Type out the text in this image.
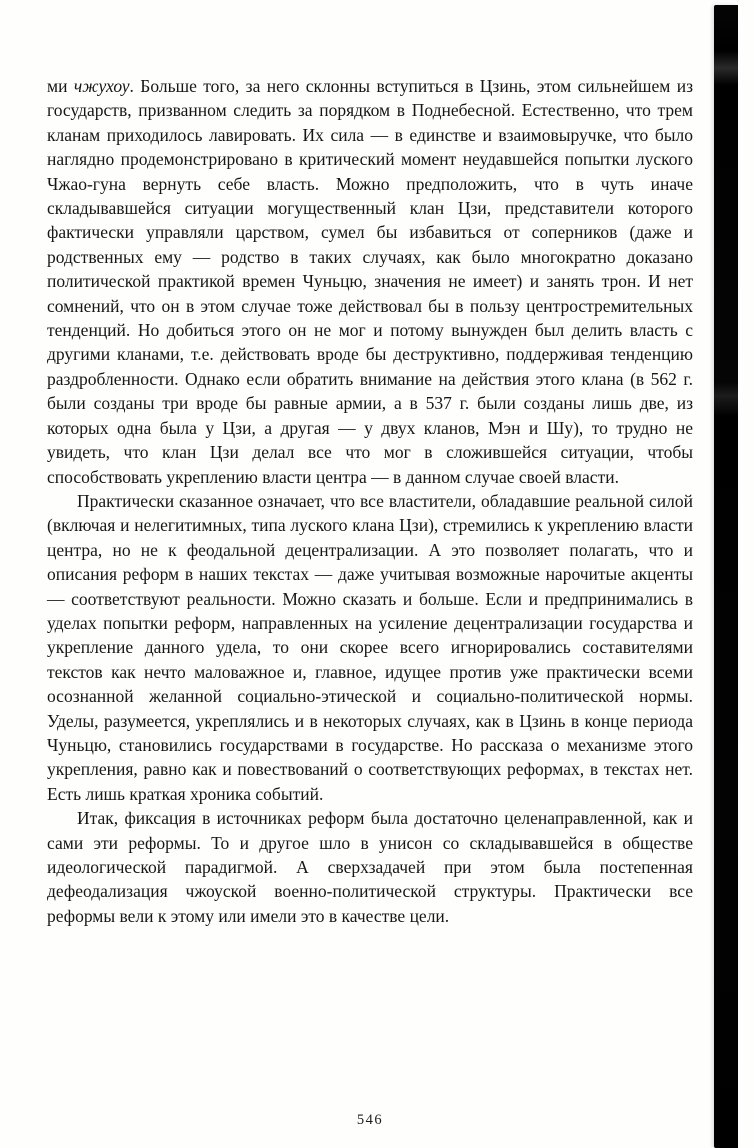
ми чжухоу. Больше того, за него склонны вступиться в Цзинь, этом сильнейшем из государств, призванном следить за порядком в Поднебесной. Естественно, что трем кланам приходилось лавировать. Их сила — в единстве и взаимовыручке, что было наглядно продемонстрировано в критический момент неудавшейся попытки луского Чжао-гуна вернуть себе власть. Можно предположить, что в чуть иначе складывавшейся ситуации могущественный клан Цзи, представители которого фактически управляли царством, сумел бы избавиться от соперников (даже и родственных ему — родство в таких случаях, как было многократно доказано политической практикой времен Чуньцю, значения не имеет) и занять трон. И нет сомнений, что он в этом случае тоже действовал бы в пользу центростремительных тенденций. Но добиться этого он не мог и потому вынужден был делить власть с другими кланами, т.е. действовать вроде бы деструктивно, поддерживая тенденцию раздробленности. Однако если обратить внимание на действия этого клана (в 562 г. были созданы три вроде бы равные армии, а в 537 г. были созданы лишь две, из которых одна была у Цзи, а другая — у двух кланов, Мэн и Шу), то трудно не увидеть, что клан Цзи делал все что мог в сложившейся ситуации, чтобы способствовать укреплению власти центра — в данном случае своей власти.

Практически сказанное означает, что все властители, обладавшие реальной силой (включая и нелегитимных, типа луского клана Цзи), стремились к укреплению власти центра, но не к феодальной децентрализации. А это позволяет полагать, что и описания реформ в наших текстах — даже учитывая возможные нарочитые акценты — соответствуют реальности. Можно сказать и больше. Если и предпринимались в уделах попытки реформ, направленных на усиление децентрализации государства и укрепление данного удела, то они скорее всего игнорировались составителями текстов как нечто маловажное и, главное, идущее против уже практически всеми осознанной желанной социально-этической и социально-политической нормы. Уделы, разумеется, укреплялись и в некоторых случаях, как в Цзинь в конце периода Чуньцю, становились государствами в государстве. Но рассказа о механизме этого укрепления, равно как и повествований о соответствующих реформах, в текстах нет. Есть лишь краткая хроника событий.

Итак, фиксация в источниках реформ была достаточно целенаправленной, как и сами эти реформы. То и другое шло в унисон со складывавшейся в обществе идеологической парадигмой. А сверхзадачей при этом была постепенная дефеодализация чжоуской военно-политической структуры. Практически все реформы вели к этому или имели это в качестве цели.

546
